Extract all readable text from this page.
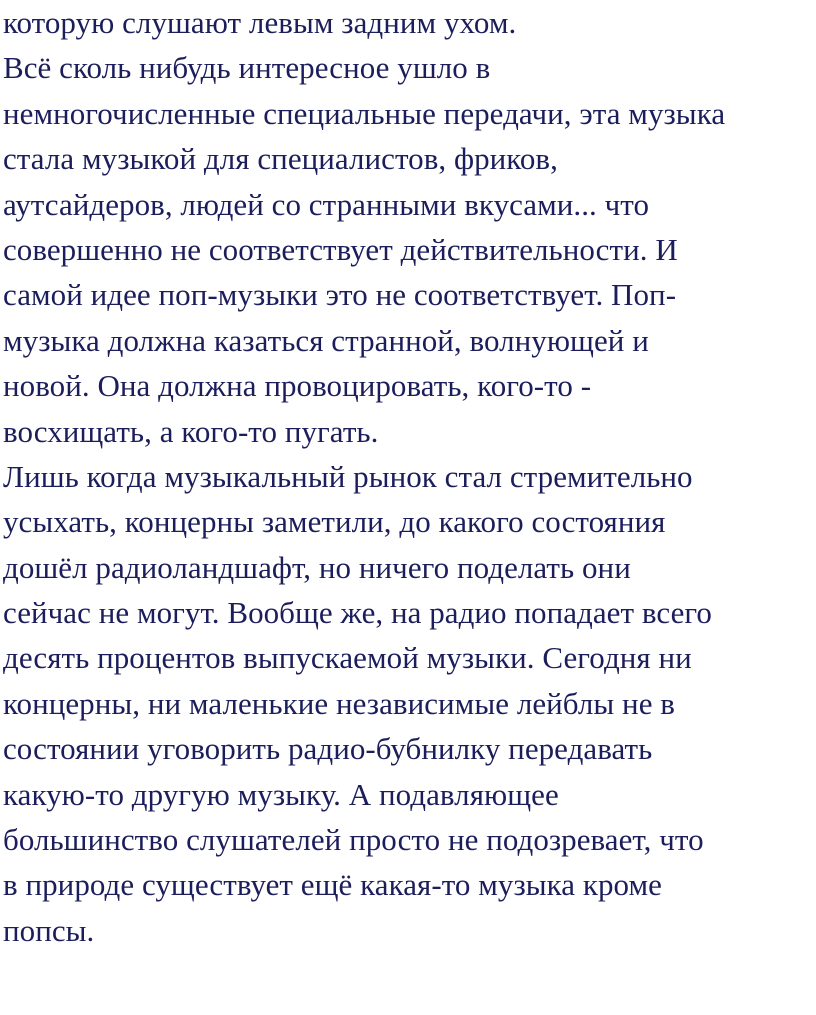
которую слушают левым задним ухом.
Всё сколь нибудь интересное ушло в
немногочисленные специальные передачи, эта музыка
стала музыкой для специалистов, фриков,
аутсайдеров, людей со странными вкусами... что
совершенно не соответствует действительности. И
самой идее поп-музыки это не соответствует. Поп-
музыка должна казаться странной, волнующей и
новой. Она должна провоцировать, кого-то -
восхищать, а кого-то пугать.
Лишь когда музыкальный рынок стал стремительно
усыхать, концерны заметили, до какого состояния
дошёл радиоландшафт, но ничего поделать они
сейчас не могут. Вообще же, на радио попадает всего
десять процентов выпускаемой музыки. Сегодня ни
концерны, ни маленькие независимые лейблы не в
состоянии уговорить радио-бубнилку передавать
какую-то другую музыку. А подавляющее
большинство слушателей просто не подозревает, что
в природе существует ещё какая-то музыка кроме
попсы.
